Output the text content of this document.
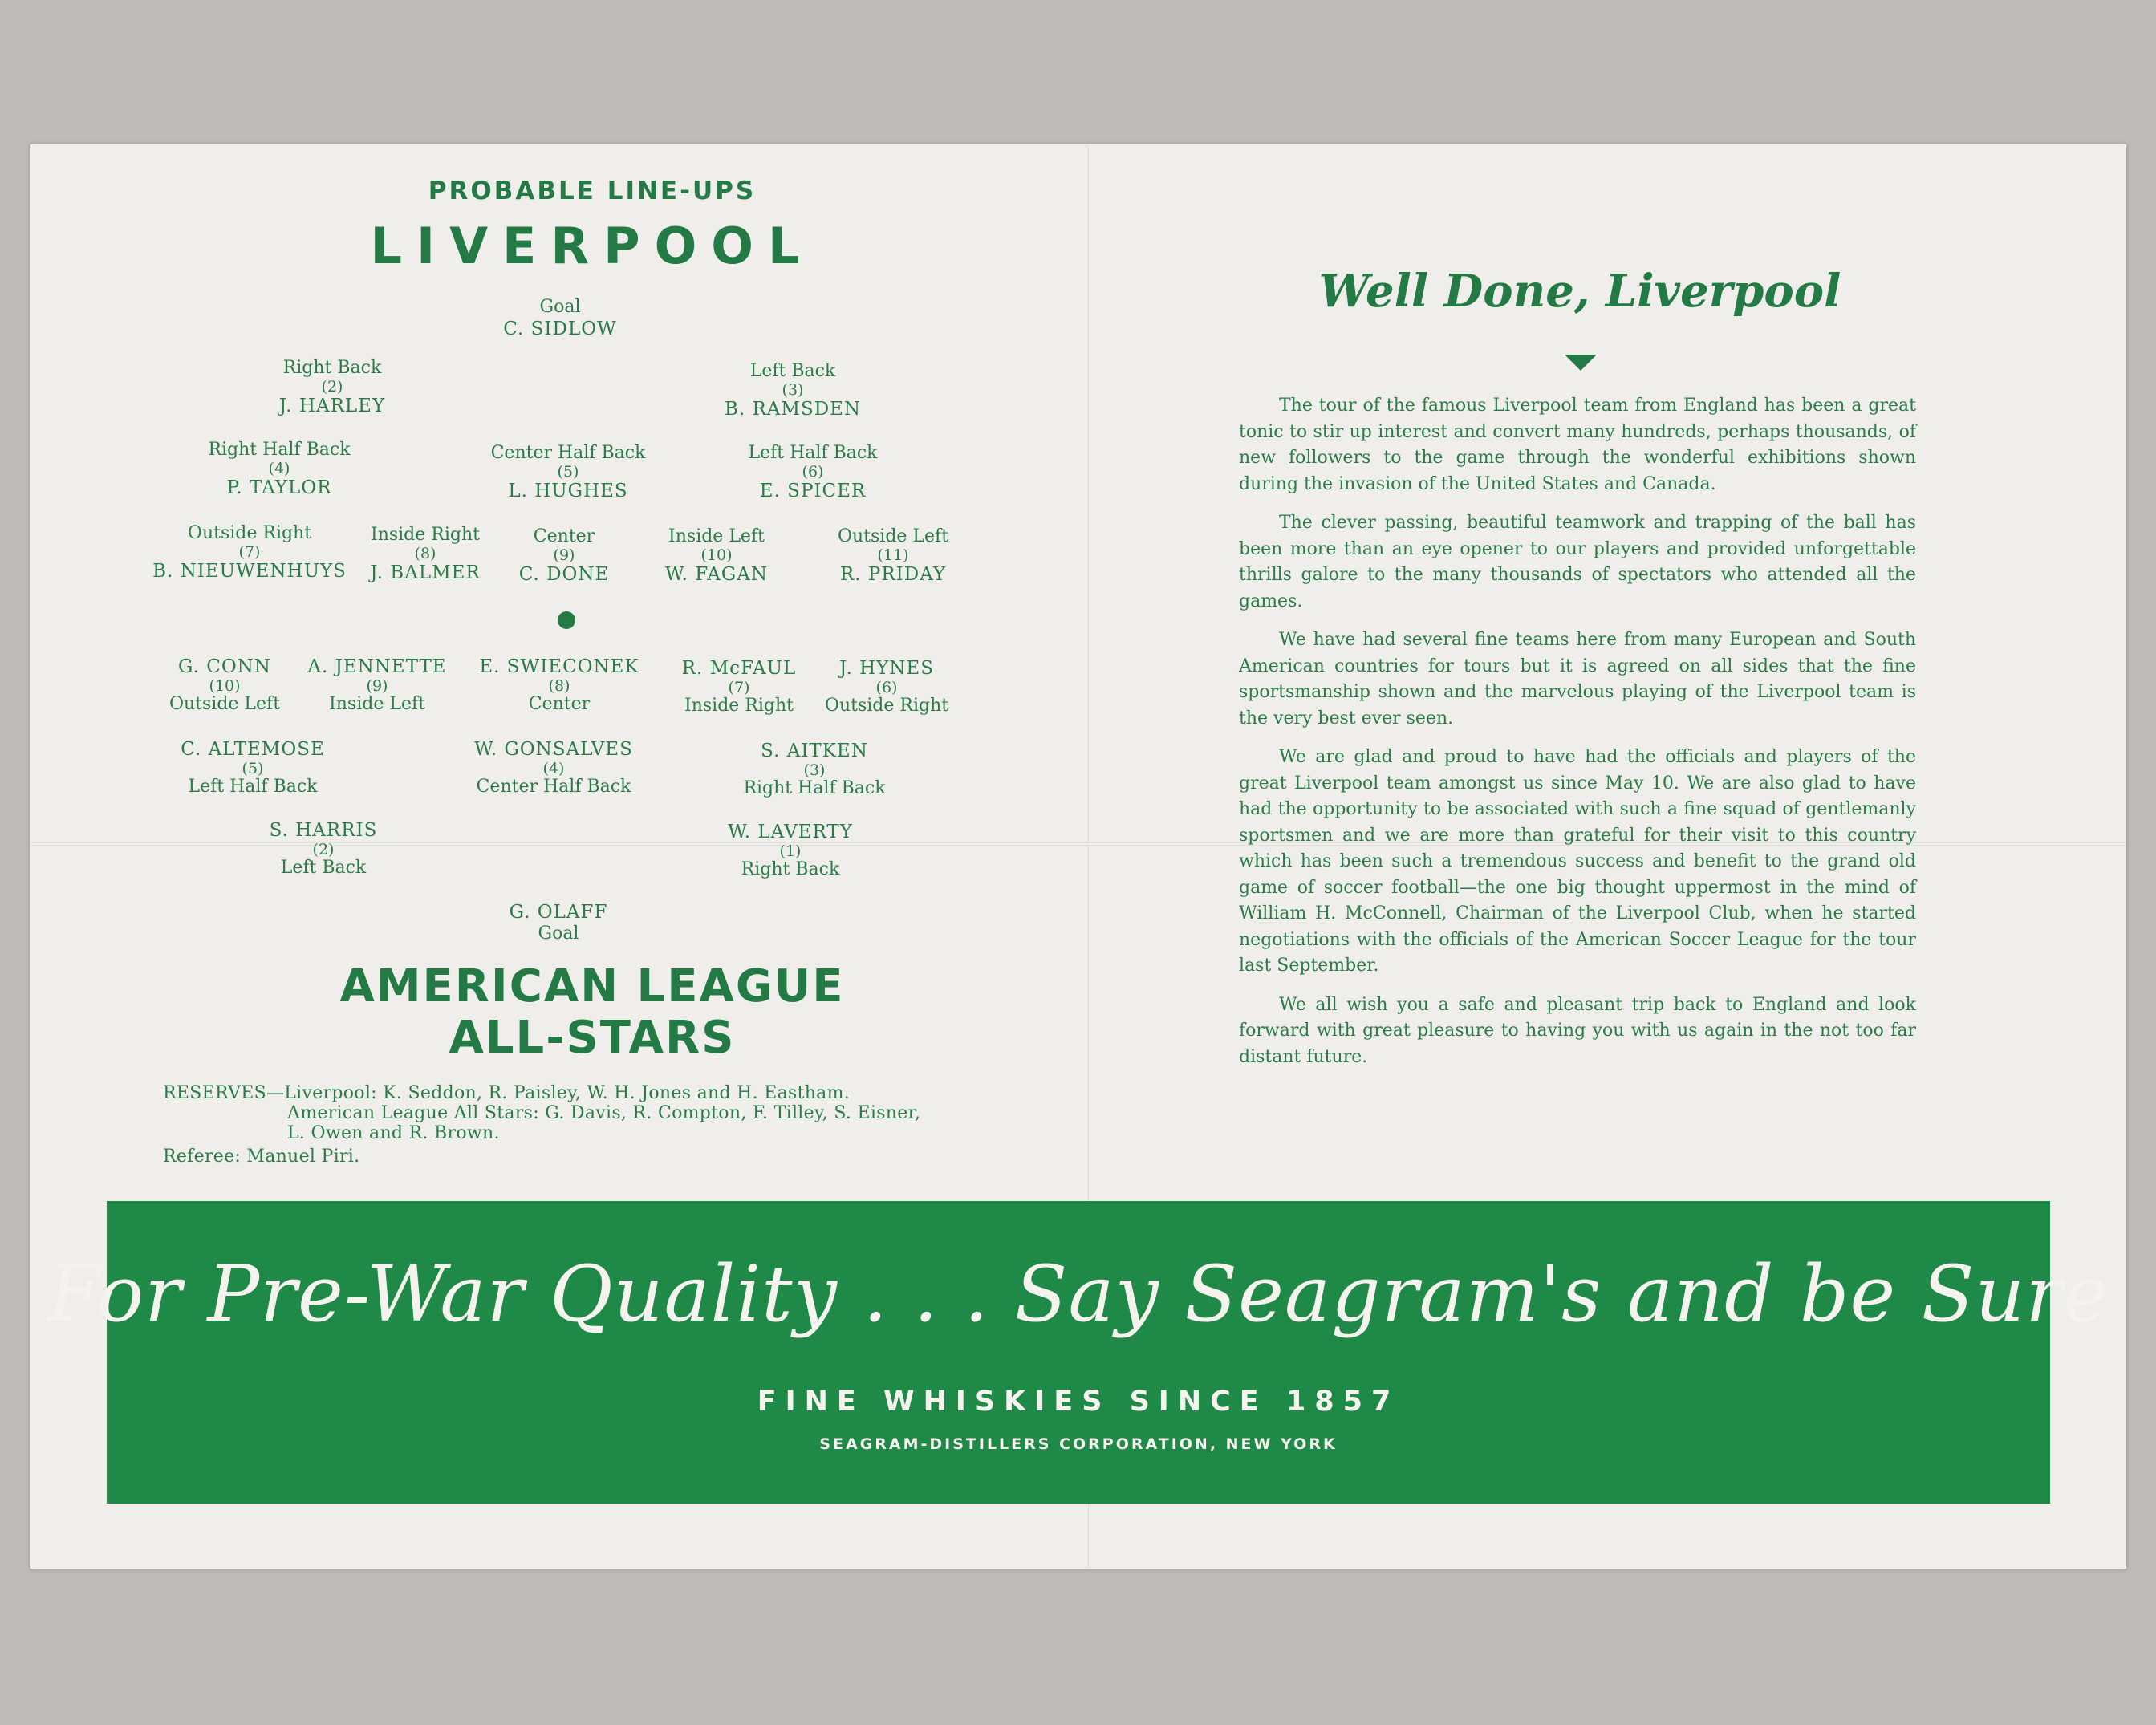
PROBABLE LINE-UPS
LIVERPOOL
Goal
C. SIDLOW
Right Back
(2)
J. HARLEY
Left Back
(3)
B. RAMSDEN
Right Half Back
(4)
P. TAYLOR
Center Half Back
(5)
L. HUGHES
Left Half Back
(6)
E. SPICER
Outside Right
(7)
B. NIEUWENHUYS
Inside Right
(8)
J. BALMER
Center
(9)
C. DONE
Inside Left
(10)
W. FAGAN
Outside Left
(11)
R. PRIDAY
G. CONN
(10)
Outside Left
A. JENNETTE
(9)
Inside Left
E. SWIECONEK
(8)
Center
R. McFAUL
(7)
Inside Right
J. HYNES
(6)
Outside Right
C. ALTEMOSE
(5)
Left Half Back
W. GONSALVES
(4)
Center Half Back
S. AITKEN
(3)
Right Half Back
S. HARRIS
(2)
Left Back
W. LAVERTY
(1)
Right Back
G. OLAFF
Goal
AMERICAN LEAGUE
ALL-STARS
RESERVES—Liverpool: K. Seddon, R. Paisley, W. H. Jones and H. Eastham.
American League All Stars: G. Davis, R. Compton, F. Tilley, S. Eisner,
L. Owen and R. Brown.
Referee: Manuel Piri.
Well Done, Liverpool

The tour of the famous Liverpool team from England has been a great tonic to stir up interest and convert many hundreds, perhaps thousands, of new followers to the game through the wonderful exhibitions shown during the invasion of the United States and Canada.

The clever passing, beautiful teamwork and trapping of the ball has been more than an eye opener to our players and provided unforgettable thrills galore to the many thousands of spectators who attended all the games.

We have had several fine teams here from many European and South American countries for tours but it is agreed on all sides that the fine sportsmanship shown and the marvelous playing of the Liverpool team is the very best ever seen.

We are glad and proud to have had the officials and players of the great Liverpool team amongst us since May 10. We are also glad to have had the opportunity to be associated with such a fine squad of gentlemanly sportsmen and we are more than grateful for their visit to this country which has been such a tremendous success and benefit to the grand old game of soccer football—the one big thought uppermost in the mind of William H. McConnell, Chairman of the Liverpool Club, when he started negotiations with the officials of the American Soccer League for the tour last September.

We all wish you a safe and pleasant trip back to England and look forward with great pleasure to having you with us again in the not too far distant future.

For Pre-War Quality . . . Say Seagram's and be Sure
FINE WHISKIES SINCE 1857
SEAGRAM-DISTILLERS CORPORATION, NEW YORK
